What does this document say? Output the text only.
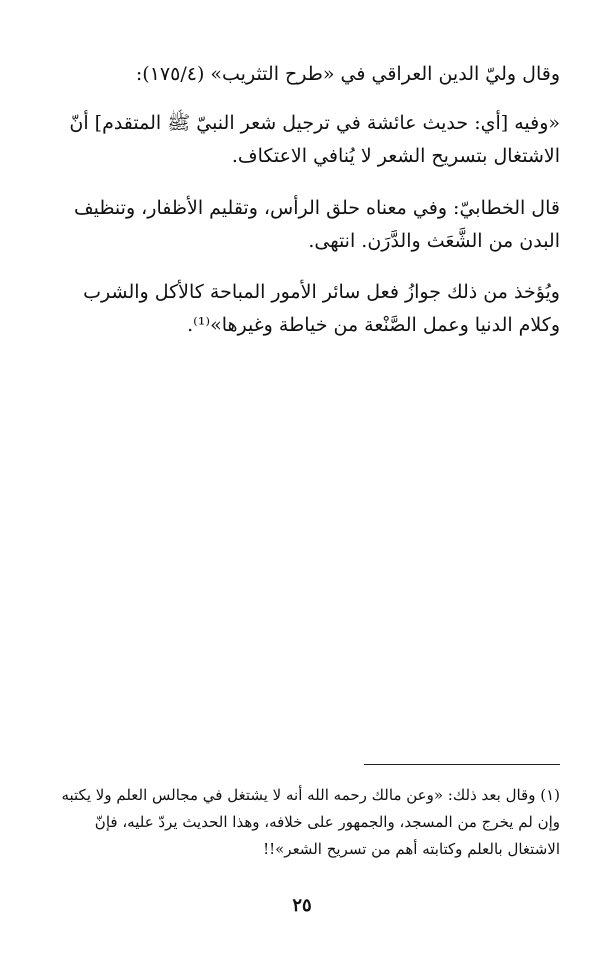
وقال وليّ الدين العراقي في «طرح التثريب» (١٧٥/٤):

«وفيه [أي: حديث عائشة في ترجيل شعر النبيّ ﷺ المتقدم] أنّ الاشتغال بتسريح الشعر لا يُنافي الاعتكاف.

قال الخطابيّ: وفي معناه حلق الرأس، وتقليم الأظفار، وتنظيف البدن من الشَّعَث والدَّرَن. انتهى.

ويُؤخذ من ذلك جوازُ فعل سائر الأمور المباحة كالأكل والشرب وكلام الدنيا وعمل الصَّنْعة من خياطة وغيرها»⁽¹⁾.

(١) وقال بعد ذلك: «وعن مالك رحمه الله أنه لا يشتغل في مجالس العلم ولا يكتبه وإن لم يخرج من المسجد، والجمهور على خلافه، وهذا الحديث يردّ عليه، فإنّ الاشتغال بالعلم وكتابته أهم من تسريح الشعر»!!

٢٥
